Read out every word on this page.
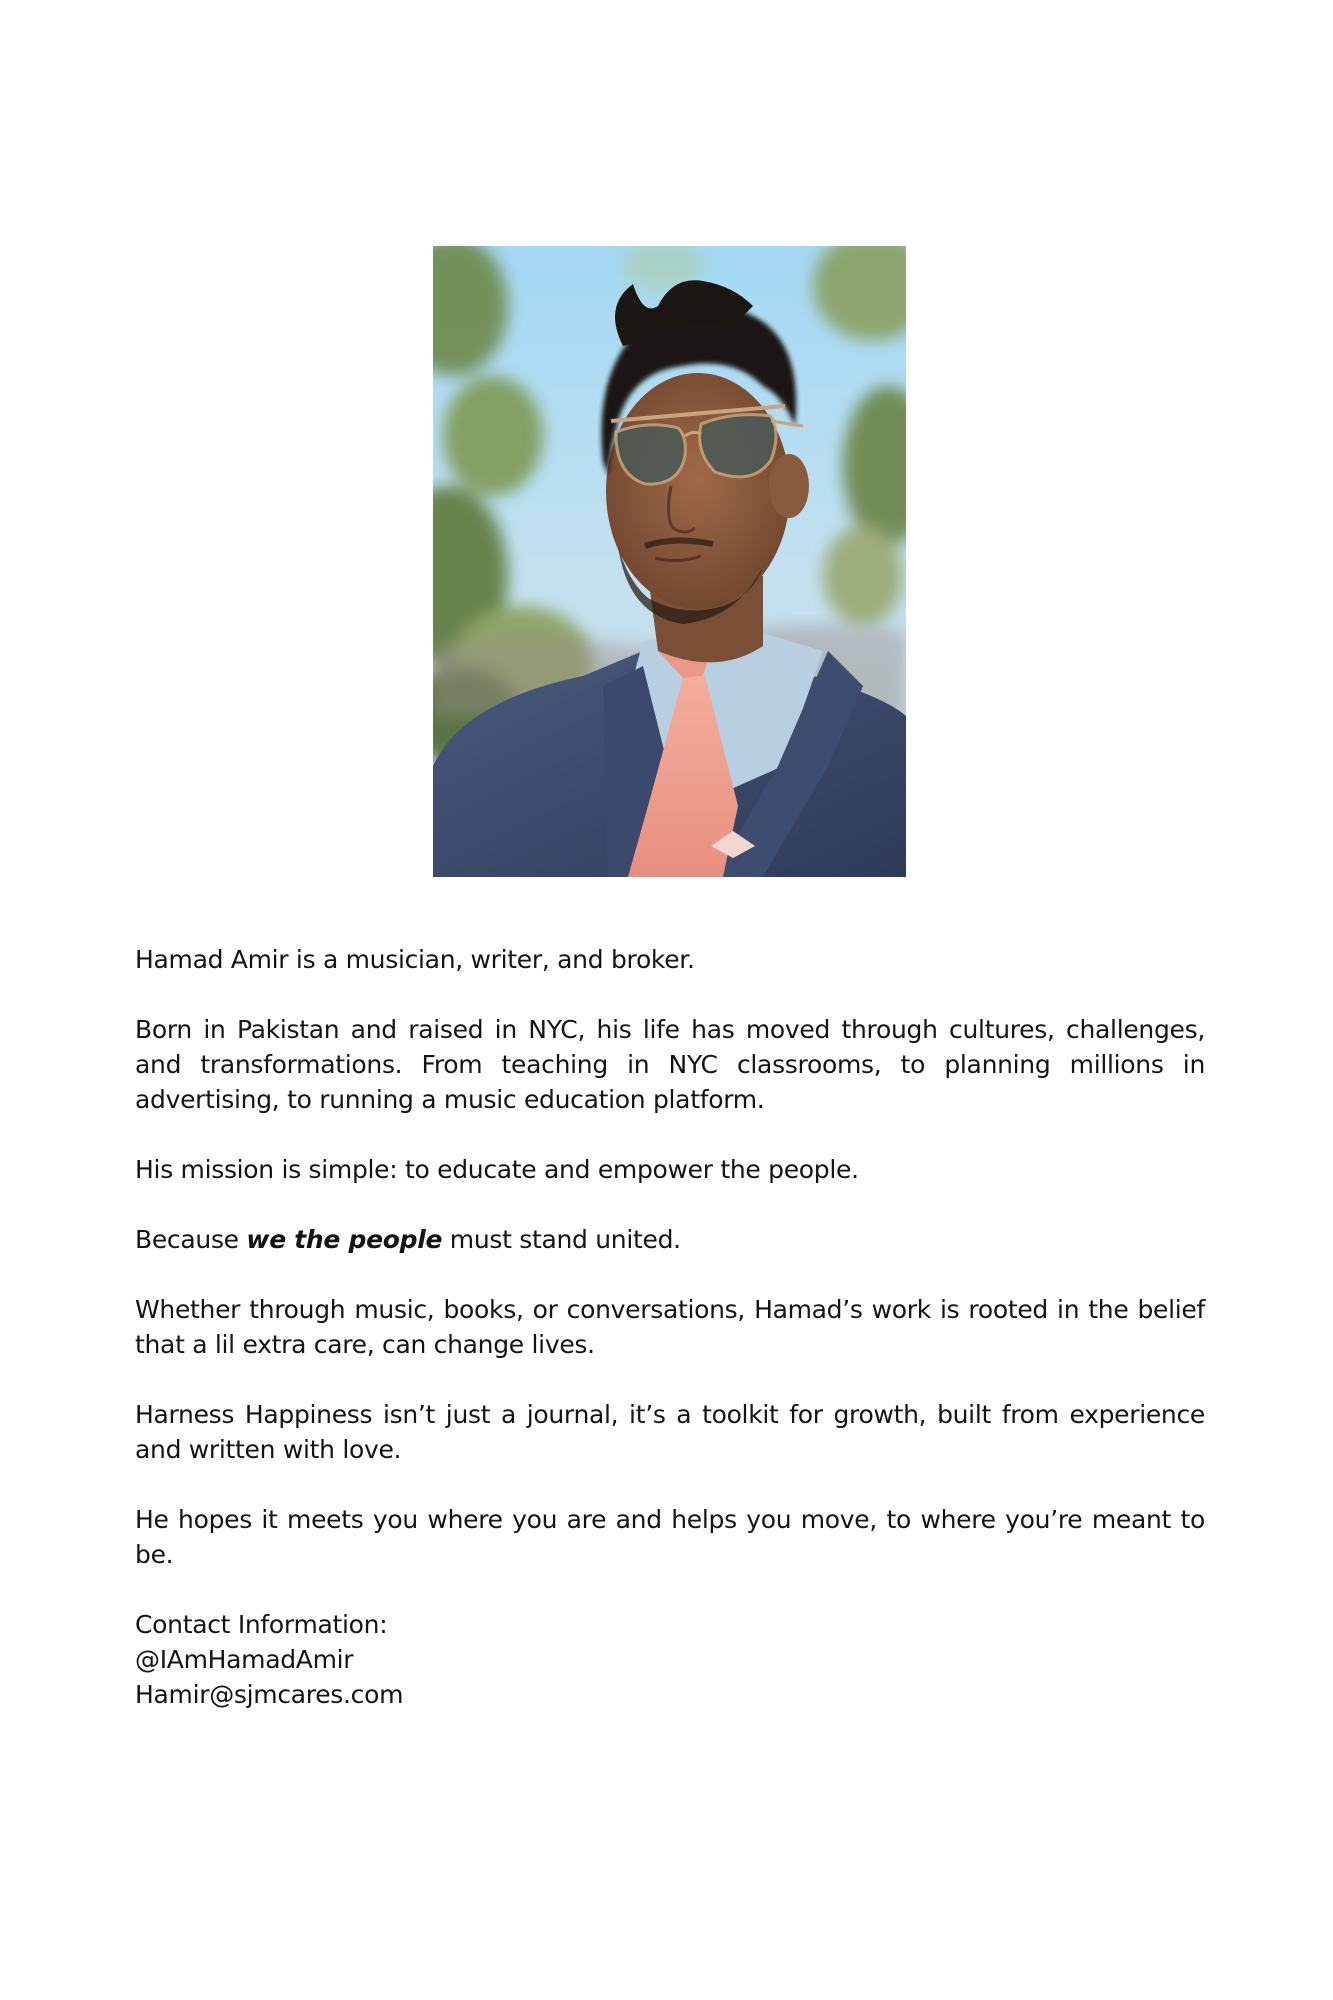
Hamad Amir is a musician, writer, and broker.

Born in Pakistan and raised in NYC, his life has moved through cultures, challenges, and transformations. From teaching in NYC classrooms, to planning millions in advertising, to running a music education platform.

His mission is simple: to educate and empower the people.

Because we the people must stand united.

Whether through music, books, or conversations, Hamad’s work is rooted in the belief that a lil extra care, can change lives.

Harness Happiness isn’t just a journal, it’s a toolkit for growth, built from experience and written with love.

He hopes it meets you where you are and helps you move, to where you’re meant to be.

Contact Information:
@IAmHamadAmir
Hamir@sjmcares.com
